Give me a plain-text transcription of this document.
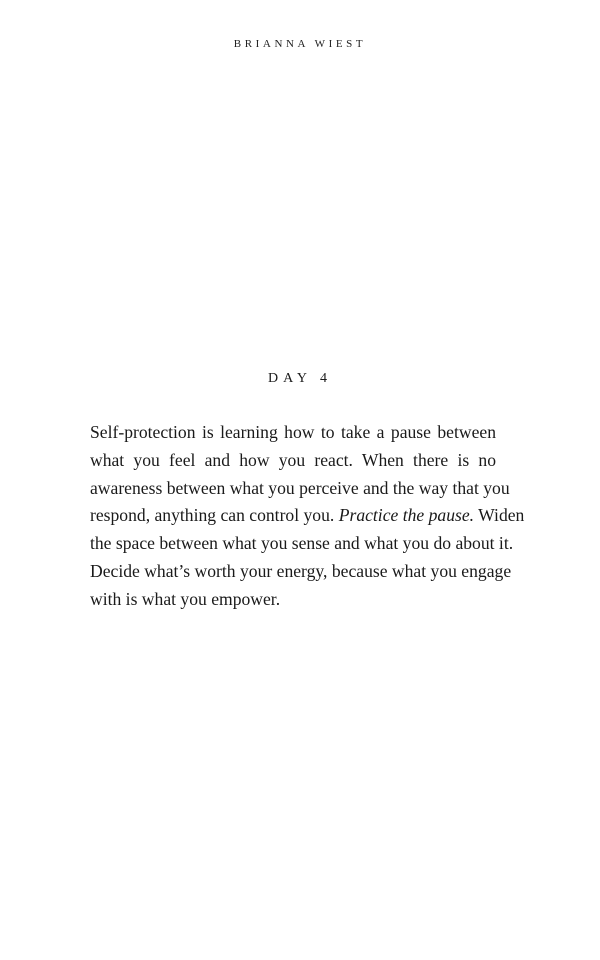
BRIANNA WIEST
DAY 4
Self-protection is learning how to take a pause between
what you feel and how you react. When there is no
awareness between what you perceive and the way that you
respond, anything can control you. Practice the pause. Widen
the space between what you sense and what you do about it.
Decide what’s worth your energy, because what you engage
with is what you empower.
